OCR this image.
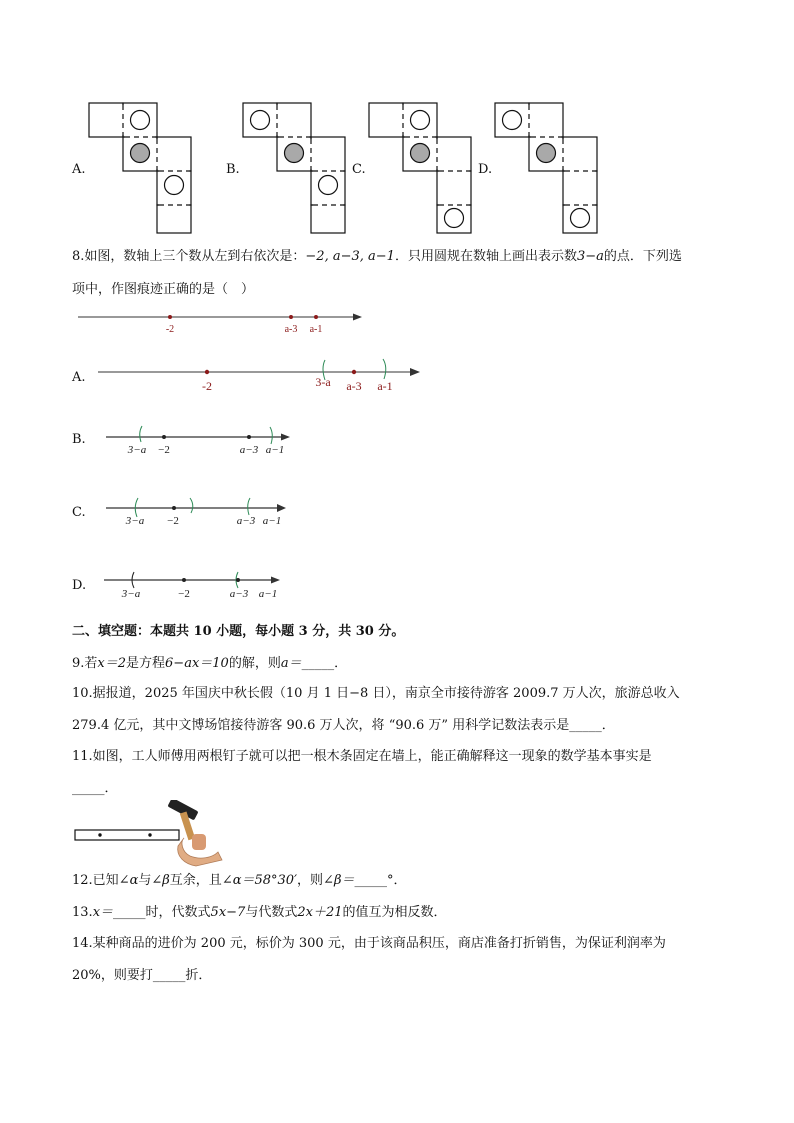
A.	B.	C.	D.
8.如图，数轴上三个数从左到右依次是：−2, a−3, a−1．只用圆规在数轴上画出表示数3−a的点．下列选
项中，作图痕迹正确的是（　）
-2	a-3 a-1
A.
-2	3-a a-3 a-1
B.
3−a −2	a−3 a−1
C.
3−a −2	a−3 a−1
D.
3−a	−2	a−3 a−1
二、填空题：本题共 10 小题，每小题 3 分，共 30 分。
9.若x＝2是方程6−ax＝10的解，则a＝_____．
10.据报道，2025 年国庆中秋长假（10 月 1 日−8 日），南京全市接待游客 2009.7 万人次，旅游总收入
279.4 亿元，其中文博场馆接待游客 90.6 万人次，将 “90.6 万” 用科学记数法表示是_____．
11.如图，工人师傅用两根钉子就可以把一根木条固定在墙上，能正确解释这一现象的数学基本事实是
_____．
12.已知∠α与∠β互余，且∠α＝58°30′，则∠β＝_____°．
13.x＝_____时，代数式5x−7与代数式2x＋21的值互为相反数．
14.某种商品的进价为 200 元，标价为 300 元，由于该商品积压，商店准备打折销售，为保证利润率为
20%，则要打_____折．
